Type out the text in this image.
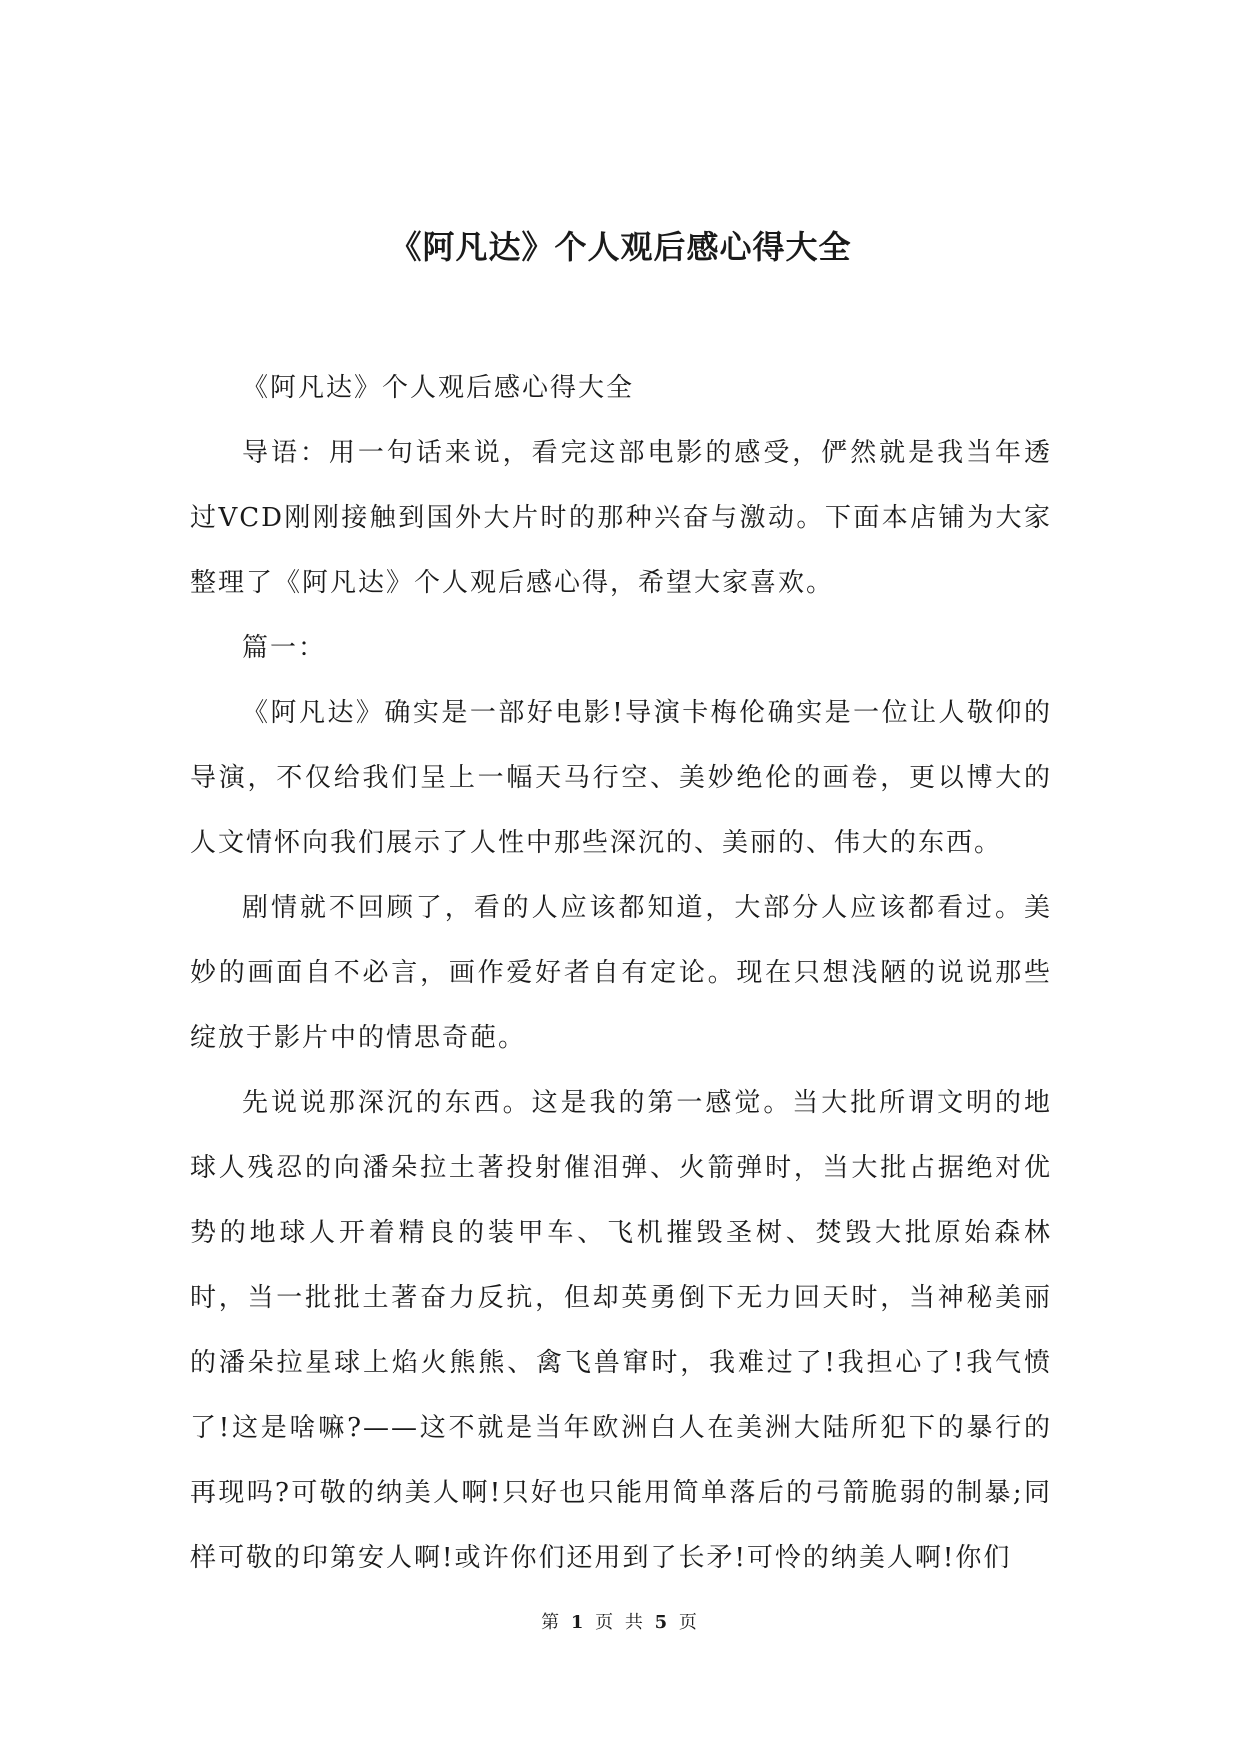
《阿凡达》个人观后感心得大全

《阿凡达》个人观后感心得大全

导语：用一句话来说，看完这部电影的感受，俨然就是我当年透过VCD刚刚接触到国外大片时的那种兴奋与激动。下面本店铺为大家整理了《阿凡达》个人观后感心得，希望大家喜欢。

篇一：

《阿凡达》确实是一部好电影!导演卡梅伦确实是一位让人敬仰的导演，不仅给我们呈上一幅天马行空、美妙绝伦的画卷，更以博大的人文情怀向我们展示了人性中那些深沉的、美丽的、伟大的东西。

剧情就不回顾了，看的人应该都知道，大部分人应该都看过。美妙的画面自不必言，画作爱好者自有定论。现在只想浅陋的说说那些绽放于影片中的情思奇葩。

先说说那深沉的东西。这是我的第一感觉。当大批所谓文明的地球人残忍的向潘朵拉土著投射催泪弹、火箭弹时，当大批占据绝对优势的地球人开着精良的装甲车、飞机摧毁圣树、焚毁大批原始森林时，当一批批土著奋力反抗，但却英勇倒下无力回天时，当神秘美丽的潘朵拉星球上焰火熊熊、禽飞兽窜时，我难过了!我担心了!我气愤了!这是啥嘛?——这不就是当年欧洲白人在美洲大陆所犯下的暴行的再现吗?可敬的纳美人啊!只好也只能用简单落后的弓箭脆弱的制暴;同样可敬的印第安人啊!或许你们还用到了长矛!可怜的纳美人啊!你们

第 1 页 共 5 页
